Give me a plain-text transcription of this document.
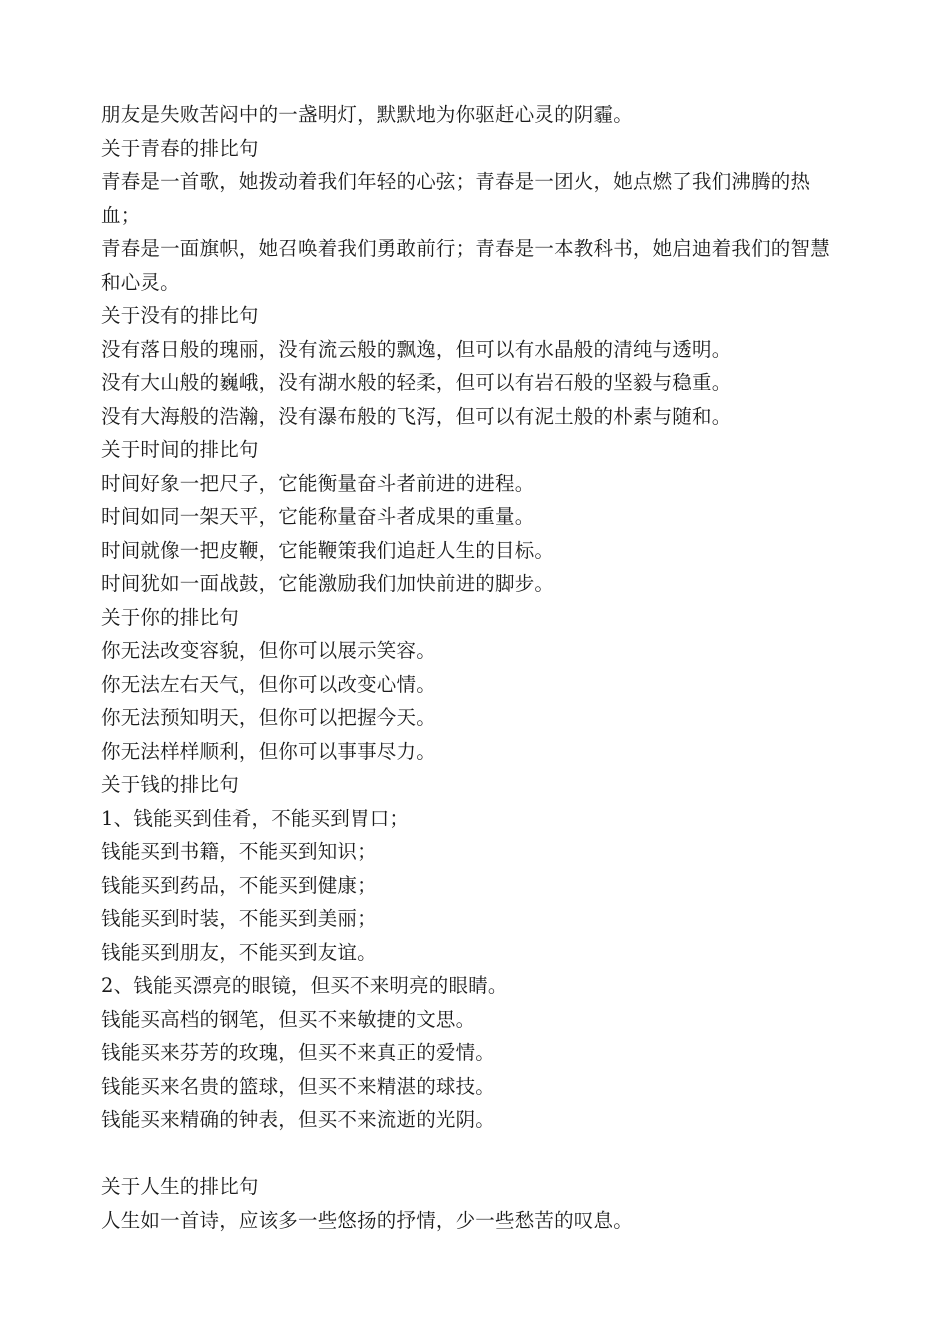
朋友是失败苦闷中的一盏明灯，默默地为你驱赶心灵的阴霾。

关于青春的排比句

青春是一首歌，她拨动着我们年轻的心弦；青春是一团火，她点燃了我们沸腾的热血；

青春是一面旗帜，她召唤着我们勇敢前行；青春是一本教科书，她启迪着我们的智慧和心灵。

关于没有的排比句

没有落日般的瑰丽，没有流云般的飘逸，但可以有水晶般的清纯与透明。

没有大山般的巍峨，没有湖水般的轻柔，但可以有岩石般的坚毅与稳重。

没有大海般的浩瀚，没有瀑布般的飞泻，但可以有泥土般的朴素与随和。

关于时间的排比句

时间好象一把尺子，它能衡量奋斗者前进的进程。

时间如同一架天平，它能称量奋斗者成果的重量。

时间就像一把皮鞭，它能鞭策我们追赶人生的目标。

时间犹如一面战鼓，它能激励我们加快前进的脚步。

关于你的排比句

你无法改变容貌，但你可以展示笑容。

你无法左右天气，但你可以改变心情。

你无法预知明天，但你可以把握今天。

你无法样样顺利，但你可以事事尽力。

关于钱的排比句

1、钱能买到佳肴，不能买到胃口；

钱能买到书籍，不能买到知识；

钱能买到药品，不能买到健康；

钱能买到时装，不能买到美丽；

钱能买到朋友，不能买到友谊。

2、钱能买漂亮的眼镜，但买不来明亮的眼睛。

钱能买高档的钢笔，但买不来敏捷的文思。

钱能买来芬芳的玫瑰，但买不来真正的爱情。

钱能买来名贵的篮球，但买不来精湛的球技。

钱能买来精确的钟表，但买不来流逝的光阴。

关于人生的排比句

人生如一首诗，应该多一些悠扬的抒情，少一些愁苦的叹息。
